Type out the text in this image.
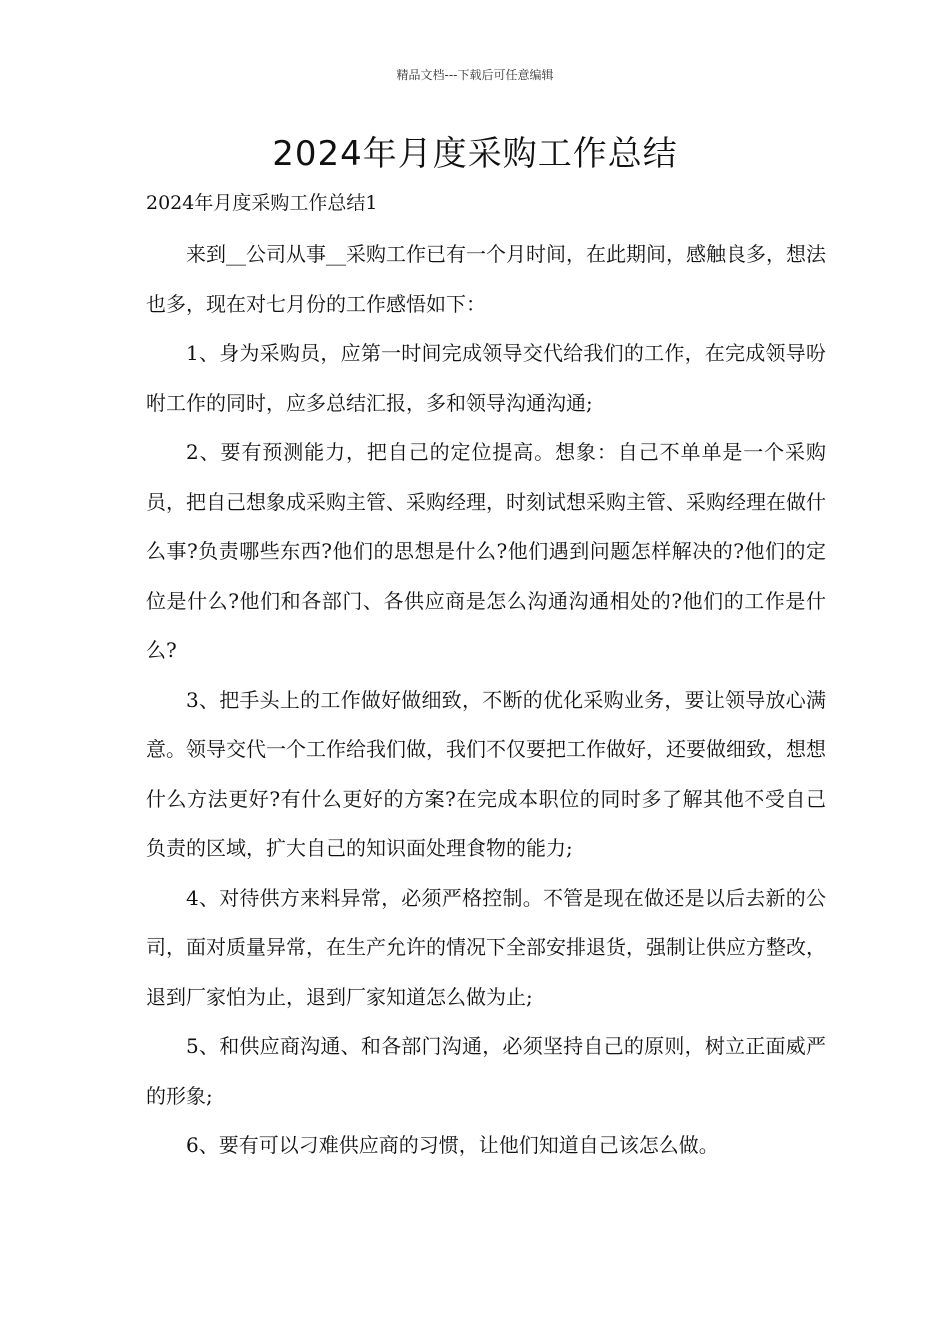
精品文档---下载后可任意编辑
2024年月度采购工作总结

2024年月度采购工作总结1

来到__公司从事__采购工作已有一个月时间，在此期间，感触良多，想法也多，现在对七月份的工作感悟如下：

1、身为采购员，应第一时间完成领导交代给我们的工作，在完成领导吩咐工作的同时，应多总结汇报，多和领导沟通沟通;

2、要有预测能力，把自己的定位提高。想象：自己不单单是一个采购员，把自己想象成采购主管、采购经理，时刻试想采购主管、采购经理在做什么事?负责哪些东西?他们的思想是什么?他们遇到问题怎样解决的?他们的定位是什么?他们和各部门、各供应商是怎么沟通沟通相处的?他们的工作是什么?

3、把手头上的工作做好做细致，不断的优化采购业务，要让领导放心满意。领导交代一个工作给我们做，我们不仅要把工作做好，还要做细致，想想什么方法更好?有什么更好的方案?在完成本职位的同时多了解其他不受自己负责的区域，扩大自己的知识面处理食物的能力;

4、对待供方来料异常，必须严格控制。不管是现在做还是以后去新的公司，面对质量异常，在生产允许的情况下全部安排退货，强制让供应方整改，退到厂家怕为止，退到厂家知道怎么做为止;

5、和供应商沟通、和各部门沟通，必须坚持自己的原则，树立正面威严的形象;

6、要有可以刁难供应商的习惯，让他们知道自己该怎么做。
